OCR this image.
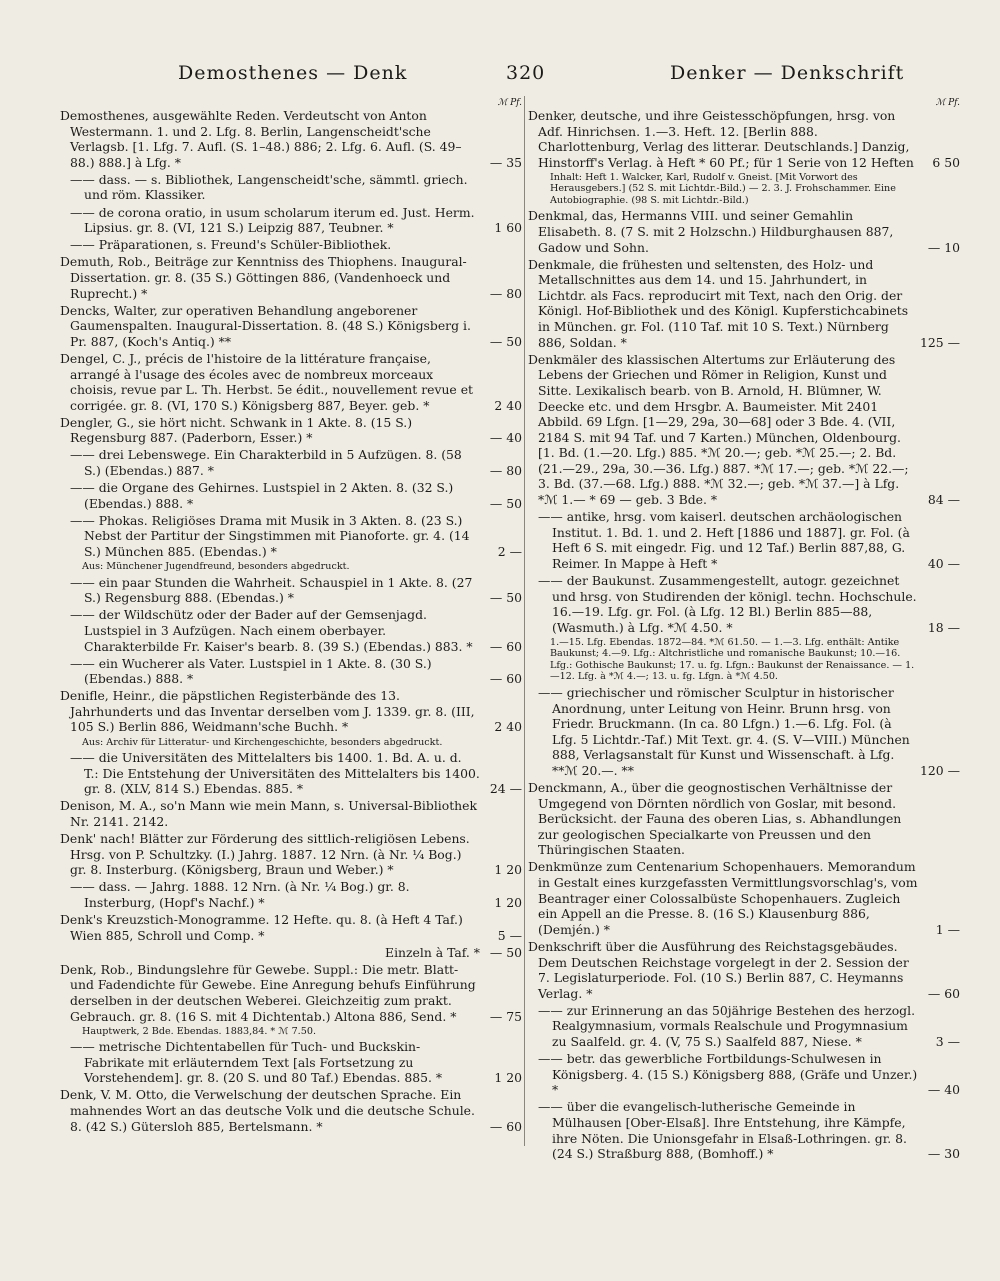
Demosthenes — Denk	320	Denker — Denkschrift
ℳ Pf.
Demosthenes, ausgewählte Reden. Verdeutscht von Anton Westermann. 1. und 2. Lfg. 8. Berlin, Langenscheidt'sche Verlagsb. [1. Lfg. 7. Aufl. (S. 1–48.) 886; 2. Lfg. 6. Aufl. (S. 49–88.) 888.] à Lfg. *	— 35
—— dass. — s. Bibliothek, Langenscheidt'sche, sämmtl. griech. und röm. Klassiker.
—— de corona oratio, in usum scholarum iterum ed. Just. Herm. Lipsius. gr. 8. (VI, 121 S.) Leipzig 887, Teubner. *	1 60
—— Präparationen, s. Freund's Schüler-Bibliothek.
Demuth, Rob., Beiträge zur Kenntniss des Thiophens. Inaugural-Dissertation. gr. 8. (35 S.) Göttingen 886, (Vandenhoeck und Ruprecht.) *	— 80
Dencks, Walter, zur operativen Behandlung angeborener Gaumenspalten. Inaugural-Dissertation. 8. (48 S.) Königsberg i. Pr. 887, (Koch's Antiq.) **	— 50
Dengel, C. J., précis de l'histoire de la littérature française, arrangé à l'usage des écoles avec de nombreux morceaux choisis, revue par L. Th. Herbst. 5e édit., nouvellement revue et corrigée. gr. 8. (VI, 170 S.) Königsberg 887, Beyer. geb. *	2 40
Dengler, G., sie hört nicht. Schwank in 1 Akte. 8. (15 S.) Regensburg 887. (Paderborn, Esser.) *	— 40
—— drei Lebenswege. Ein Charakterbild in 5 Aufzügen. 8. (58 S.) (Ebendas.) 887. *	— 80
—— die Organe des Gehirnes. Lustspiel in 2 Akten. 8. (32 S.) (Ebendas.) 888. *	— 50
—— Phokas. Religiöses Drama mit Musik in 3 Akten. 8. (23 S.) Nebst der Partitur der Singstimmen mit Pianoforte. gr. 4. (14 S.) München 885. (Ebendas.) *	2 —
Aus: Münchener Jugendfreund, besonders abgedruckt.
—— ein paar Stunden die Wahrheit. Schauspiel in 1 Akte. 8. (27 S.) Regensburg 888. (Ebendas.) *	— 50
—— der Wildschütz oder der Bader auf der Gemsenjagd. Lustspiel in 3 Aufzügen. Nach einem oberbayer. Charakterbilde Fr. Kaiser's bearb. 8. (39 S.) (Ebendas.) 883. * — 60
—— ein Wucherer als Vater. Lustspiel in 1 Akte. 8. (30 S.) (Ebendas.) 888. *	— 60
Denifle, Heinr., die päpstlichen Registerbände des 13. Jahrhunderts und das Inventar derselben vom J. 1339. gr. 8. (III, 105 S.) Berlin 886, Weidmann'sche Buchh. *	2 40
Aus: Archiv für Litteratur- und Kirchengeschichte, besonders abgedruckt.
—— die Universitäten des Mittelalters bis 1400. 1. Bd. A. u. d. T.: Die Entstehung der Universitäten des Mittelalters bis 1400. gr. 8. (XLV, 814 S.) Ebendas. 885. *	24 —
Denison, M. A., so'n Mann wie mein Mann, s. Universal-Bibliothek Nr. 2141. 2142.
Denk' nach! Blätter zur Förderung des sittlich-religiösen Lebens. Hrsg. von P. Schultzky. (I.) Jahrg. 1887. 12 Nrn. (à Nr. ¼ Bog.) gr. 8. Insterburg. (Königsberg, Braun und Weber.) *	1 20
—— dass. — Jahrg. 1888. 12 Nrn. (à Nr. ¼ Bog.) gr. 8. Insterburg, (Hopf's Nachf.) *	1 20
Denk's Kreuzstich-Monogramme. 12 Hefte. qu. 8. (à Heft 4 Taf.) Wien 885, Schroll und Comp. *	5 —
Einzeln à Taf. * — 50
Denk, Rob., Bindungslehre für Gewebe. Suppl.: Die metr. Blatt- und Fadendichte für Gewebe. Eine Anregung behufs Einführung derselben in der deutschen Weberei. Gleichzeitig zum prakt. Gebrauch. gr. 8. (16 S. mit 4 Dichtentab.) Altona 886, Send. *	— 75
Hauptwerk, 2 Bde. Ebendas. 1883,84. * ℳ 7.50.
—— metrische Dichtentabellen für Tuch- und Buckskin-Fabrikate mit erläuterndem Text [als Fortsetzung zu Vorstehendem]. gr. 8. (20 S. und 80 Taf.) Ebendas. 885. *	1 20
Denk, V. M. Otto, die Verwelschung der deutschen Sprache. Ein mahnendes Wort an das deutsche Volk und die deutsche Schule. 8. (42 S.) Gütersloh 885, Bertelsmann. *	— 60
ℳ Pf.
Denker, deutsche, und ihre Geistesschöpfungen, hrsg. von Adf. Hinrichsen. 1.—3. Heft. 12. [Berlin 888. Charlottenburg, Verlag des litterar. Deutschlands.] Danzig, Hinstorff's Verlag. à Heft * 60 Pf.; für 1 Serie von 12 Heften 6 50
Inhalt: Heft 1. Walcker, Karl, Rudolf v. Gneist. [Mit Vorwort des Herausgebers.] (52 S. mit Lichtdr.-Bild.) — 2. 3. J. Frohschammer. Eine Autobiographie. (98 S. mit Lichtdr.-Bild.)
Denkmal, das, Hermanns VIII. und seiner Gemahlin Elisabeth. 8. (7 S. mit 2 Holzschn.) Hildburghausen 887, Gadow und Sohn.	— 10
Denkmale, die frühesten und seltensten, des Holz- und Metallschnittes aus dem 14. und 15. Jahrhundert, in Lichtdr. als Facs. reproducirt mit Text, nach den Orig. der Königl. Hof-Bibliothek und des Königl. Kupferstichcabinets in München. gr. Fol. (110 Taf. mit 10 S. Text.) Nürnberg 886, Soldan. *	125 —
Denkmäler des klassischen Altertums zur Erläuterung des Lebens der Griechen und Römer in Religion, Kunst und Sitte. Lexikalisch bearb. von B. Arnold, H. Blümner, W. Deecke etc. und dem Hrsgbr. A. Baumeister. Mit 2401 Abbild. 69 Lfgn. [1—29, 29a, 30—68] oder 3 Bde. 4. (VII, 2184 S. mit 94 Taf. und 7 Karten.) München, Oldenbourg. [1. Bd. (1.—20. Lfg.) 885. *ℳ 20.—; geb. *ℳ 25.—; 2. Bd. (21.—29., 29a, 30.—36. Lfg.) 887. *ℳ 17.—; geb. *ℳ 22.—; 3. Bd. (37.—68. Lfg.) 888. *ℳ 32.—; geb. *ℳ 37.—] à Lfg. *ℳ 1.— * 69 — geb. 3 Bde. *	84 —
—— antike, hrsg. vom kaiserl. deutschen archäologischen Institut. 1. Bd. 1. und 2. Heft [1886 und 1887]. gr. Fol. (à Heft 6 S. mit eingedr. Fig. und 12 Taf.) Berlin 887,88, G. Reimer. In Mappe à Heft *	40 —
—— der Baukunst. Zusammengestellt, autogr. gezeichnet und hrsg. von Studirenden der königl. techn. Hochschule. 16.—19. Lfg. gr. Fol. (à Lfg. 12 Bl.) Berlin 885—88, (Wasmuth.) à Lfg. *ℳ 4.50. *	18 —
1.—15. Lfg. Ebendas. 1872—84. *ℳ 61.50. — 1.—3. Lfg. enthält: Antike Baukunst; 4.—9. Lfg.: Altchristliche und romanische Baukunst; 10.—16. Lfg.: Gothische Baukunst; 17. u. fg. Lfgn.: Baukunst der Renaissance. — 1.—12. Lfg. à *ℳ 4.—; 13. u. fg. Lfgn. à *ℳ 4.50.
—— griechischer und römischer Sculptur in historischer Anordnung, unter Leitung von Heinr. Brunn hrsg. von Friedr. Bruckmann. (In ca. 80 Lfgn.) 1.—6. Lfg. Fol. (à Lfg. 5 Lichtdr.-Taf.) Mit Text. gr. 4. (S. V—VIII.) München 888, Verlagsanstalt für Kunst und Wissenschaft. à Lfg. **ℳ 20.—. **	120 —
Denckmann, A., über die geognostischen Verhältnisse der Umgegend von Dörnten nördlich von Goslar, mit besond. Berücksicht. der Fauna des oberen Lias, s. Abhandlungen zur geologischen Specialkarte von Preussen und den Thüringischen Staaten.
Denkmünze zum Centenarium Schopenhauers. Memorandum in Gestalt eines kurzgefassten Vermittlungsvorschlag's, vom Beantrager einer Colossalbüste Schopenhauers. Zugleich ein Appell an die Presse. 8. (16 S.) Klausenburg 886, (Demjén.) *	1 —
Denkschrift über die Ausführung des Reichstagsgebäudes. Dem Deutschen Reichstage vorgelegt in der 2. Session der 7. Legislaturperiode. Fol. (10 S.) Berlin 887, C. Heymanns Verlag. *	— 60
—— zur Erinnerung an das 50jährige Bestehen des herzogl. Realgymnasium, vormals Realschule und Progymnasium zu Saalfeld. gr. 4. (V, 75 S.) Saalfeld 887, Niese. *	3 —
—— betr. das gewerbliche Fortbildungs-Schulwesen in Königsberg. 4. (15 S.) Königsberg 888, (Gräfe und Unzer.) *	— 40
—— über die evangelisch-lutherische Gemeinde in Mülhausen [Ober-Elsaß]. Ihre Entstehung, ihre Kämpfe, ihre Nöten. Die Unionsgefahr in Elsaß-Lothringen. gr. 8. (24 S.) Straßburg 888, (Bomhoff.) *	— 30
